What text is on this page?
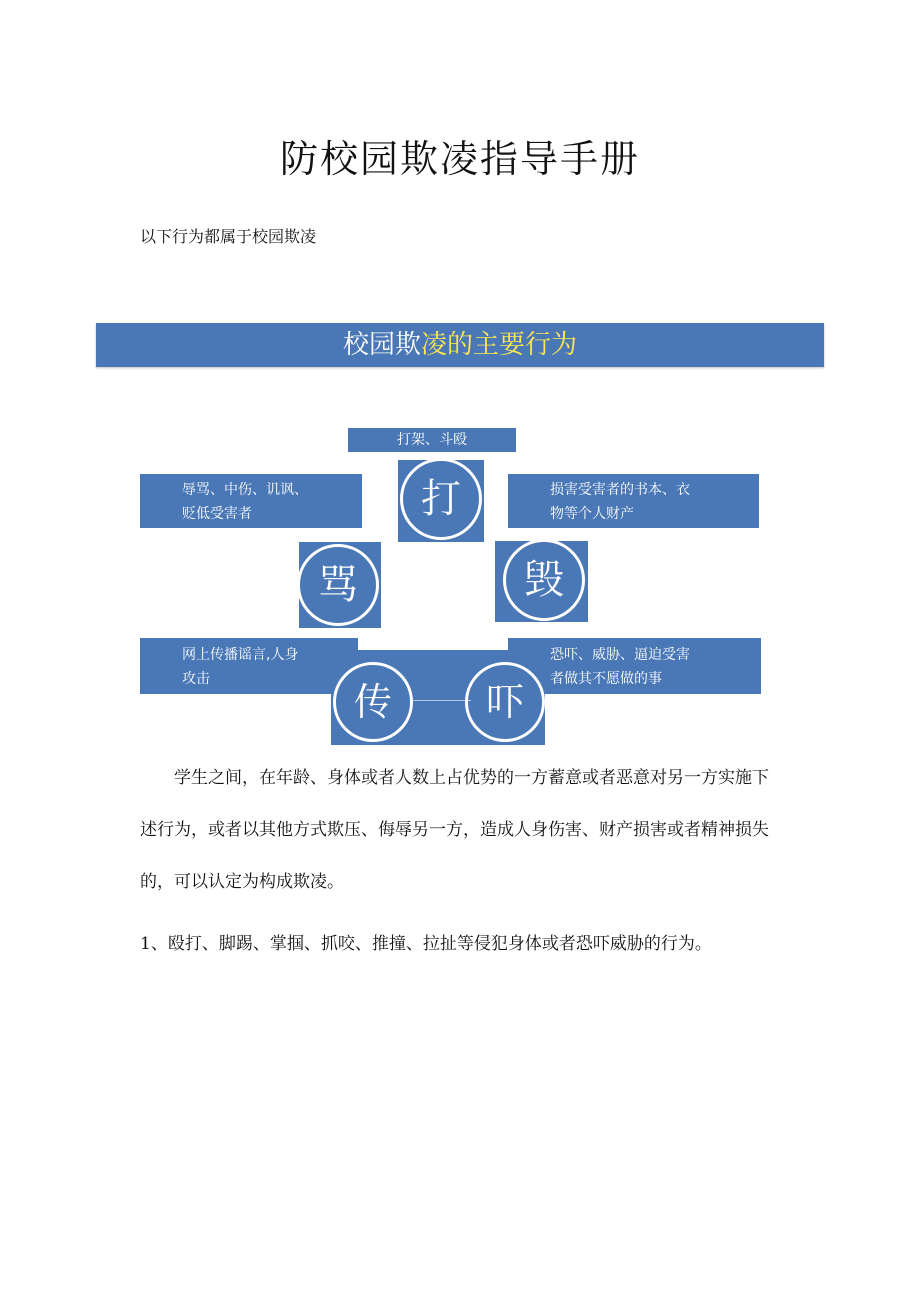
防校园欺凌指导手册
以下行为都属于校园欺凌
校园欺凌的主要行为
打架、斗殴
辱骂、中伤、讥讽、
贬低受害者
损害受害者的书本、衣
物等个人财产
打
骂	毁
网上传播谣言,人身
攻击
恐吓、威胁、逼迫受害
者做其不愿做的事
传	吓
学生之间，在年龄、身体或者人数上占优势的一方蓄意或者恶意对另一方实施下述行为，或者以其他方式欺压、侮辱另一方，造成人身伤害、财产损害或者精神损失的，可以认定为构成欺凌。
1、殴打、脚踢、掌掴、抓咬、推撞、拉扯等侵犯身体或者恐吓威胁的行为。
